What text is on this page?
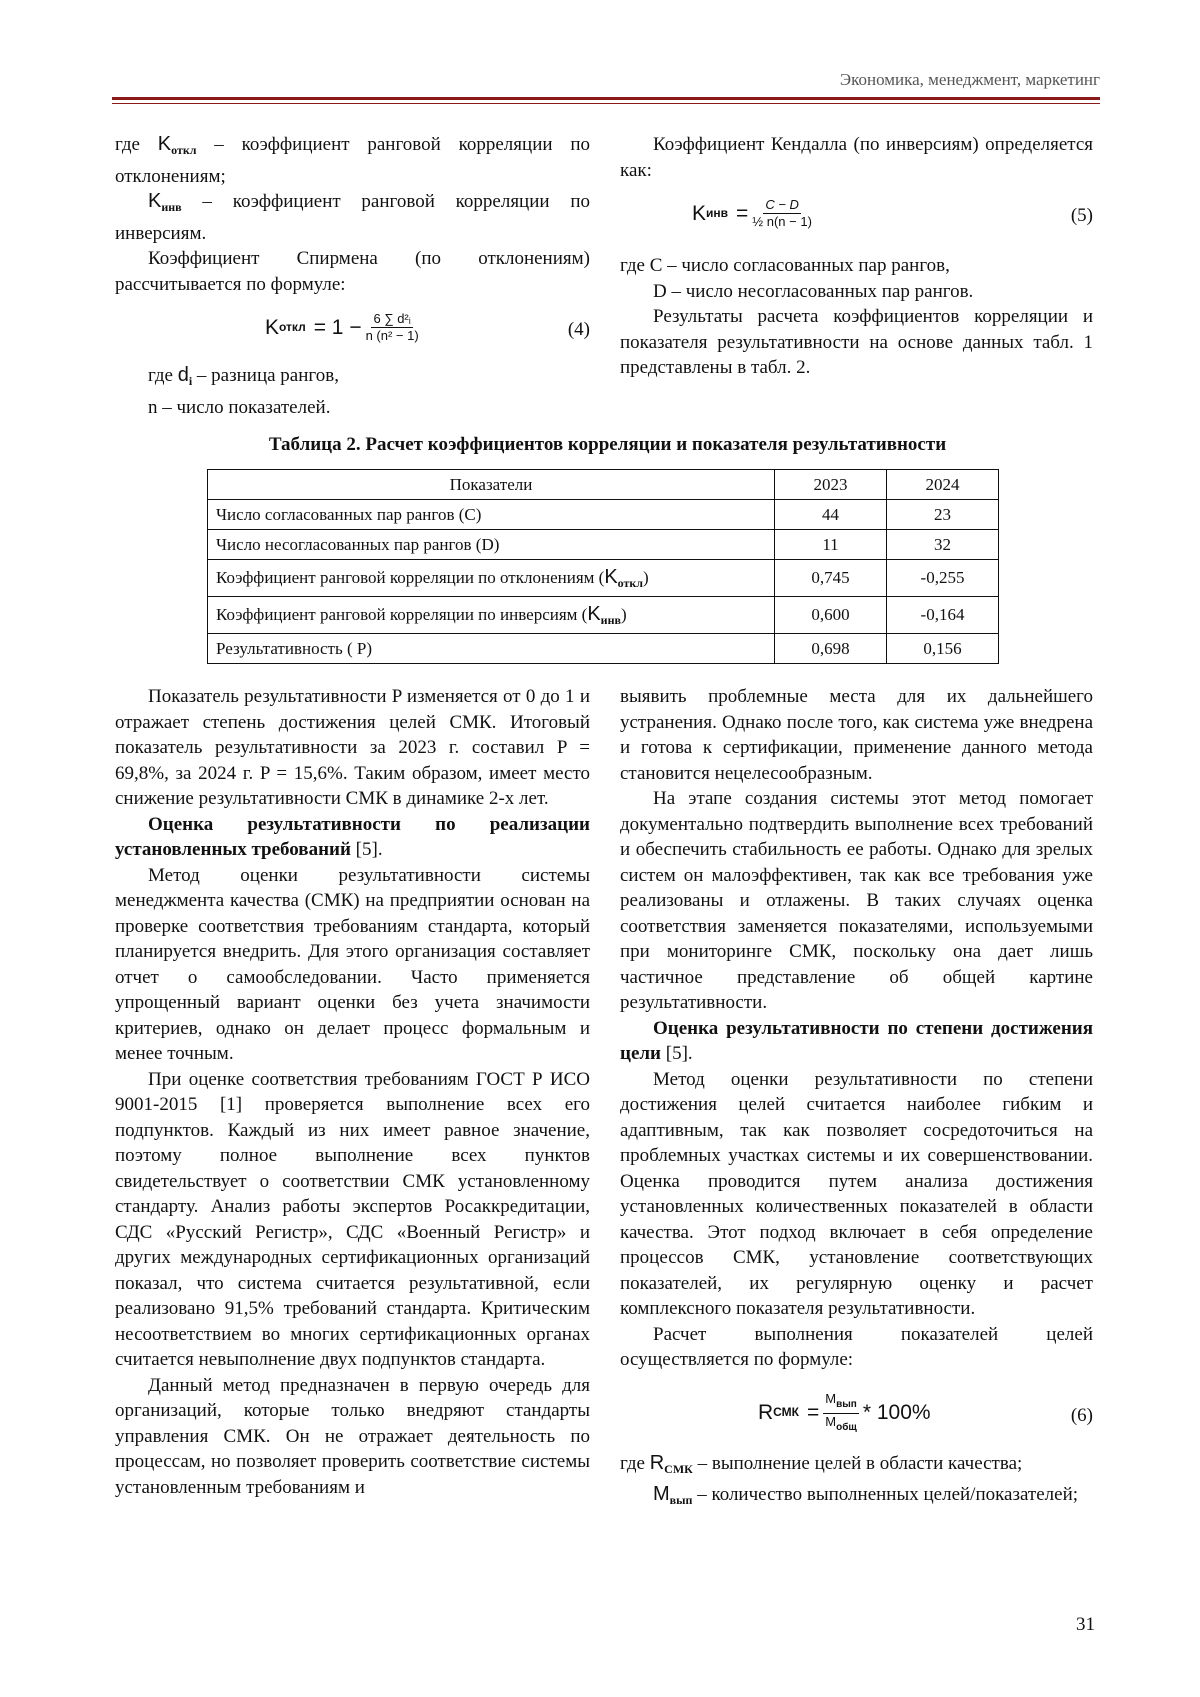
Экономика, менеджмент, маркетинг

где $K_{откл}$ – коэффициент ранговой корреляции по отклонениям;

$K_{инв}$ – коэффициент ранговой корреляции по инверсиям.

Коэффициент Спирмена (по отклонениям) рассчитывается по формуле:

K откл = $1 - \frac{\text{6 ∑ d²ᵢ}}{\text{n (n² − 1)}}$	(4)

где $d_i$ – разница рангов,

n – число показателей.

Коэффициент Кендалла (по инверсиям) определяется как:

K инв = $\frac{C - D}{\text{½ n(n − 1)}}$	(5)

где C – число согласованных пар рангов,

D – число несогласованных пар рангов.

Результаты расчета коэффициентов корреляции и показателя результативности на основе данных табл. 1 представлены в табл. 2.

Таблица 2. Расчет коэффициентов корреляции и показателя результативности
Показатели	2023	2024
Число согласованных пар рангов (C)	44	23
Число несогласованных пар рангов (D)	11	32
Коэффициент ранговой корреляции по отклонениям $(K_{откл})$	0,745	-0,255
Коэффициент ранговой корреляции по инверсиям $(K_{инв})$	0,600	-0,164
Результативность ( P)	0,698	0,156

Показатель результативности P изменяется от 0 до 1 и отражает степень достижения целей СМК. Итоговый показатель результативности за 2023 г. составил P = 69,8%, за 2024 г. P = 15,6%. Таким образом, имеет место снижение результативности СМК в динамике 2-х лет.

Оценка результативности по реализации установленных требований [5].

Метод оценки результативности системы менеджмента качества (СМК) на предприятии основан на проверке соответствия требованиям стандарта, который планируется внедрить. Для этого организация составляет отчет о самообследовании. Часто применяется упрощенный вариант оценки без учета значимости критериев, однако он делает процесс формальным и менее точным.

При оценке соответствия требованиям ГОСТ Р ИСО 9001-2015 [1] проверяется выполнение всех его подпунктов. Каждый из них имеет равное значение, поэтому полное выполнение всех пунктов свидетельствует о соответствии СМК установленному стандарту. Анализ работы экспертов Росаккредитации, СДС «Русский Регистр», СДС «Военный Регистр» и других международных сертификационных организаций показал, что система считается результативной, если реализовано 91,5% требований стандарта. Критическим несоответствием во многих сертификационных органах считается невыполнение двух подпунктов стандарта.

Данный метод предназначен в первую очередь для организаций, которые только внедряют стандарты управления СМК. Он не отражает деятельность по процессам, но позволяет проверить соответствие системы установленным требованиям и

выявить проблемные места для их дальнейшего устранения. Однако после того, как система уже внедрена и готова к сертификации, применение данного метода становится нецелесообразным.

На этапе создания системы этот метод помогает документально подтвердить выполнение всех требований и обеспечить стабильность ее работы. Однако для зрелых систем он малоэффективен, так как все требования уже реализованы и отлажены. В таких случаях оценка соответствия заменяется показателями, используемыми при мониторинге СМК, поскольку она дает лишь частичное представление об общей картине результативности.

Оценка результативности по степени достижения цели [5].

Метод оценки результативности по степени достижения целей считается наиболее гибким и адаптивным, так как позволяет сосредоточиться на проблемных участках системы и их совершенствовании. Оценка проводится путем анализа достижения установленных количественных показателей в области качества. Этот подход включает в себя определение процессов СМК, установление соответствующих показателей, их регулярную оценку и расчет комплексного показателя результативности.

Расчет выполнения показателей целей осуществляется по формуле:

R СМК = $\frac{M_{вып}}{M_{общ}} * 100\%$	(6)

где $R_{СМК}$ – выполнение целей в области качества;

$M_{вып}$ – количество выполненных целей/показателей;

31
